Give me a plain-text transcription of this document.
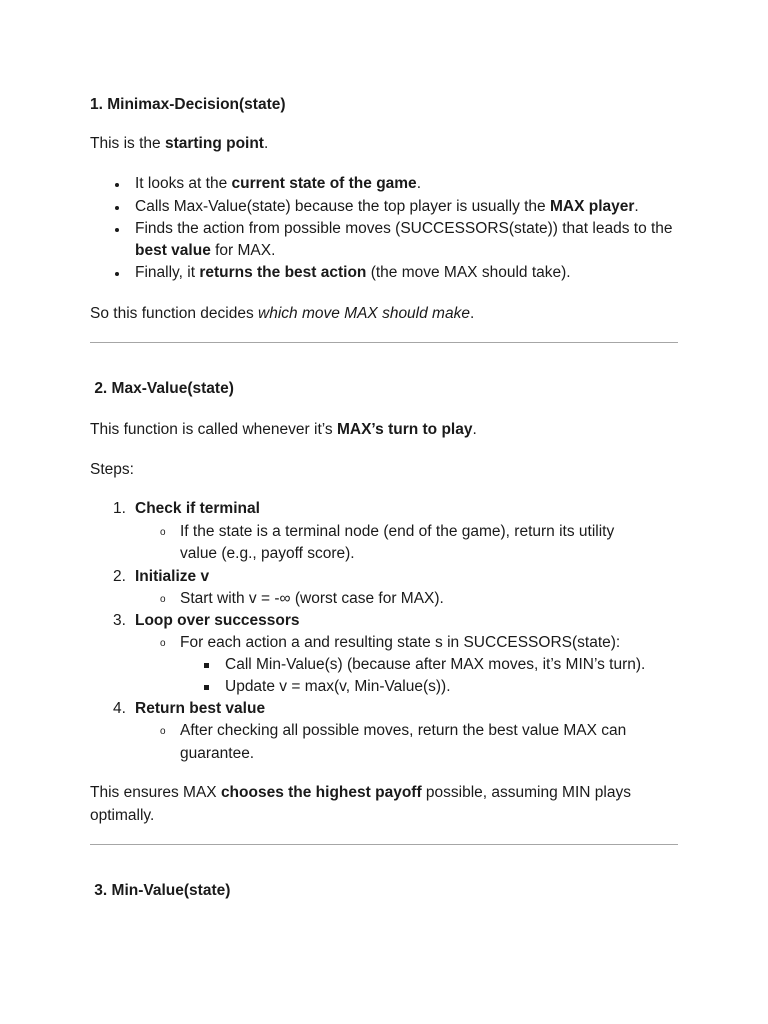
1. Minimax-Decision(state)
This is the starting point.
It looks at the current state of the game.
Calls Max-Value(state) because the top player is usually the MAX player.
Finds the action from possible moves (SUCCESSORS(state)) that leads to the
best value for MAX.
Finally, it returns the best action (the move MAX should take).
So this function decides which move MAX should make.
2. Max-Value(state)
This function is called whenever it’s MAX’s turn to play.
Steps:
1. Check if terminal
o If the state is a terminal node (end of the game), return its utility
value (e.g., payoff score).
2. Initialize v
o Start with v = -∞ (worst case for MAX).
3. Loop over successors
o For each action a and resulting state s in SUCCESSORS(state):
Call Min-Value(s) (because after MAX moves, it’s MIN’s turn).
Update v = max(v, Min-Value(s)).
4. Return best value
o After checking all possible moves, return the best value MAX can
guarantee.
This ensures MAX chooses the highest payoff possible, assuming MIN plays
optimally.
3. Min-Value(state)
